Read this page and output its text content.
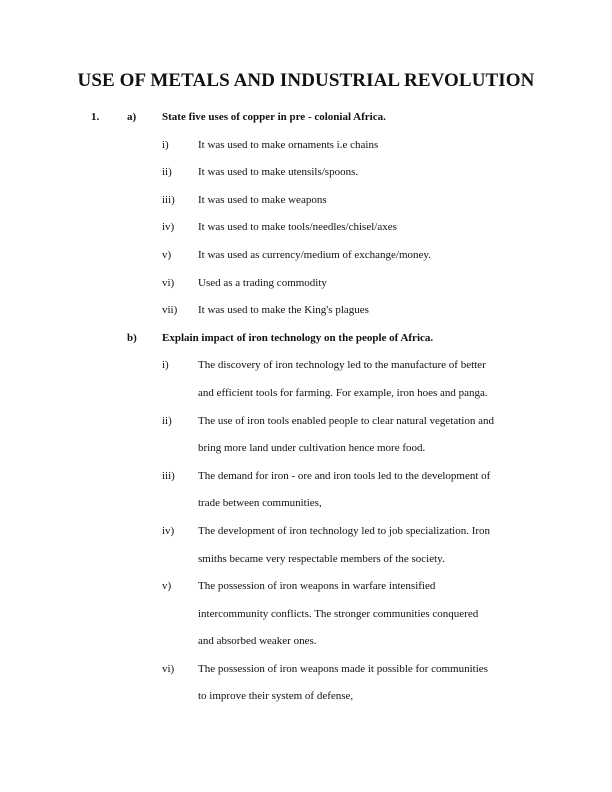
USE OF METALS AND INDUSTRIAL REVOLUTION
1.	a) State five uses of copper in pre - colonial Africa.
i)	It was used to make ornaments i.e chains
ii) It was used to make utensils/spoons.
iii) It was used to make weapons
iv) It was used to make tools/needles/chisel/axes
v) It was used as currency/medium of exchange/money.
vi) Used as a trading commodity
vii) It was used to make the King's plagues
b) Explain impact of iron technology on the people of Africa.
i)	The discovery of iron technology led to the manufacture of better
and efficient tools for farming. For example, iron hoes and panga.
ii) The use of iron tools enabled people to clear natural vegetation and
bring more land under cultivation hence more food.
iii) The demand for iron - ore and iron tools led to the development of
trade between communities,
iv) The development of iron technology led to job specialization. Iron
smiths became very respectable members of the society.
v) The possession of iron weapons in warfare intensified
intercommunity conflicts. The stronger communities conquered
and absorbed weaker ones.
vi) The possession of iron weapons made it possible for communities
to improve their system of defense,
